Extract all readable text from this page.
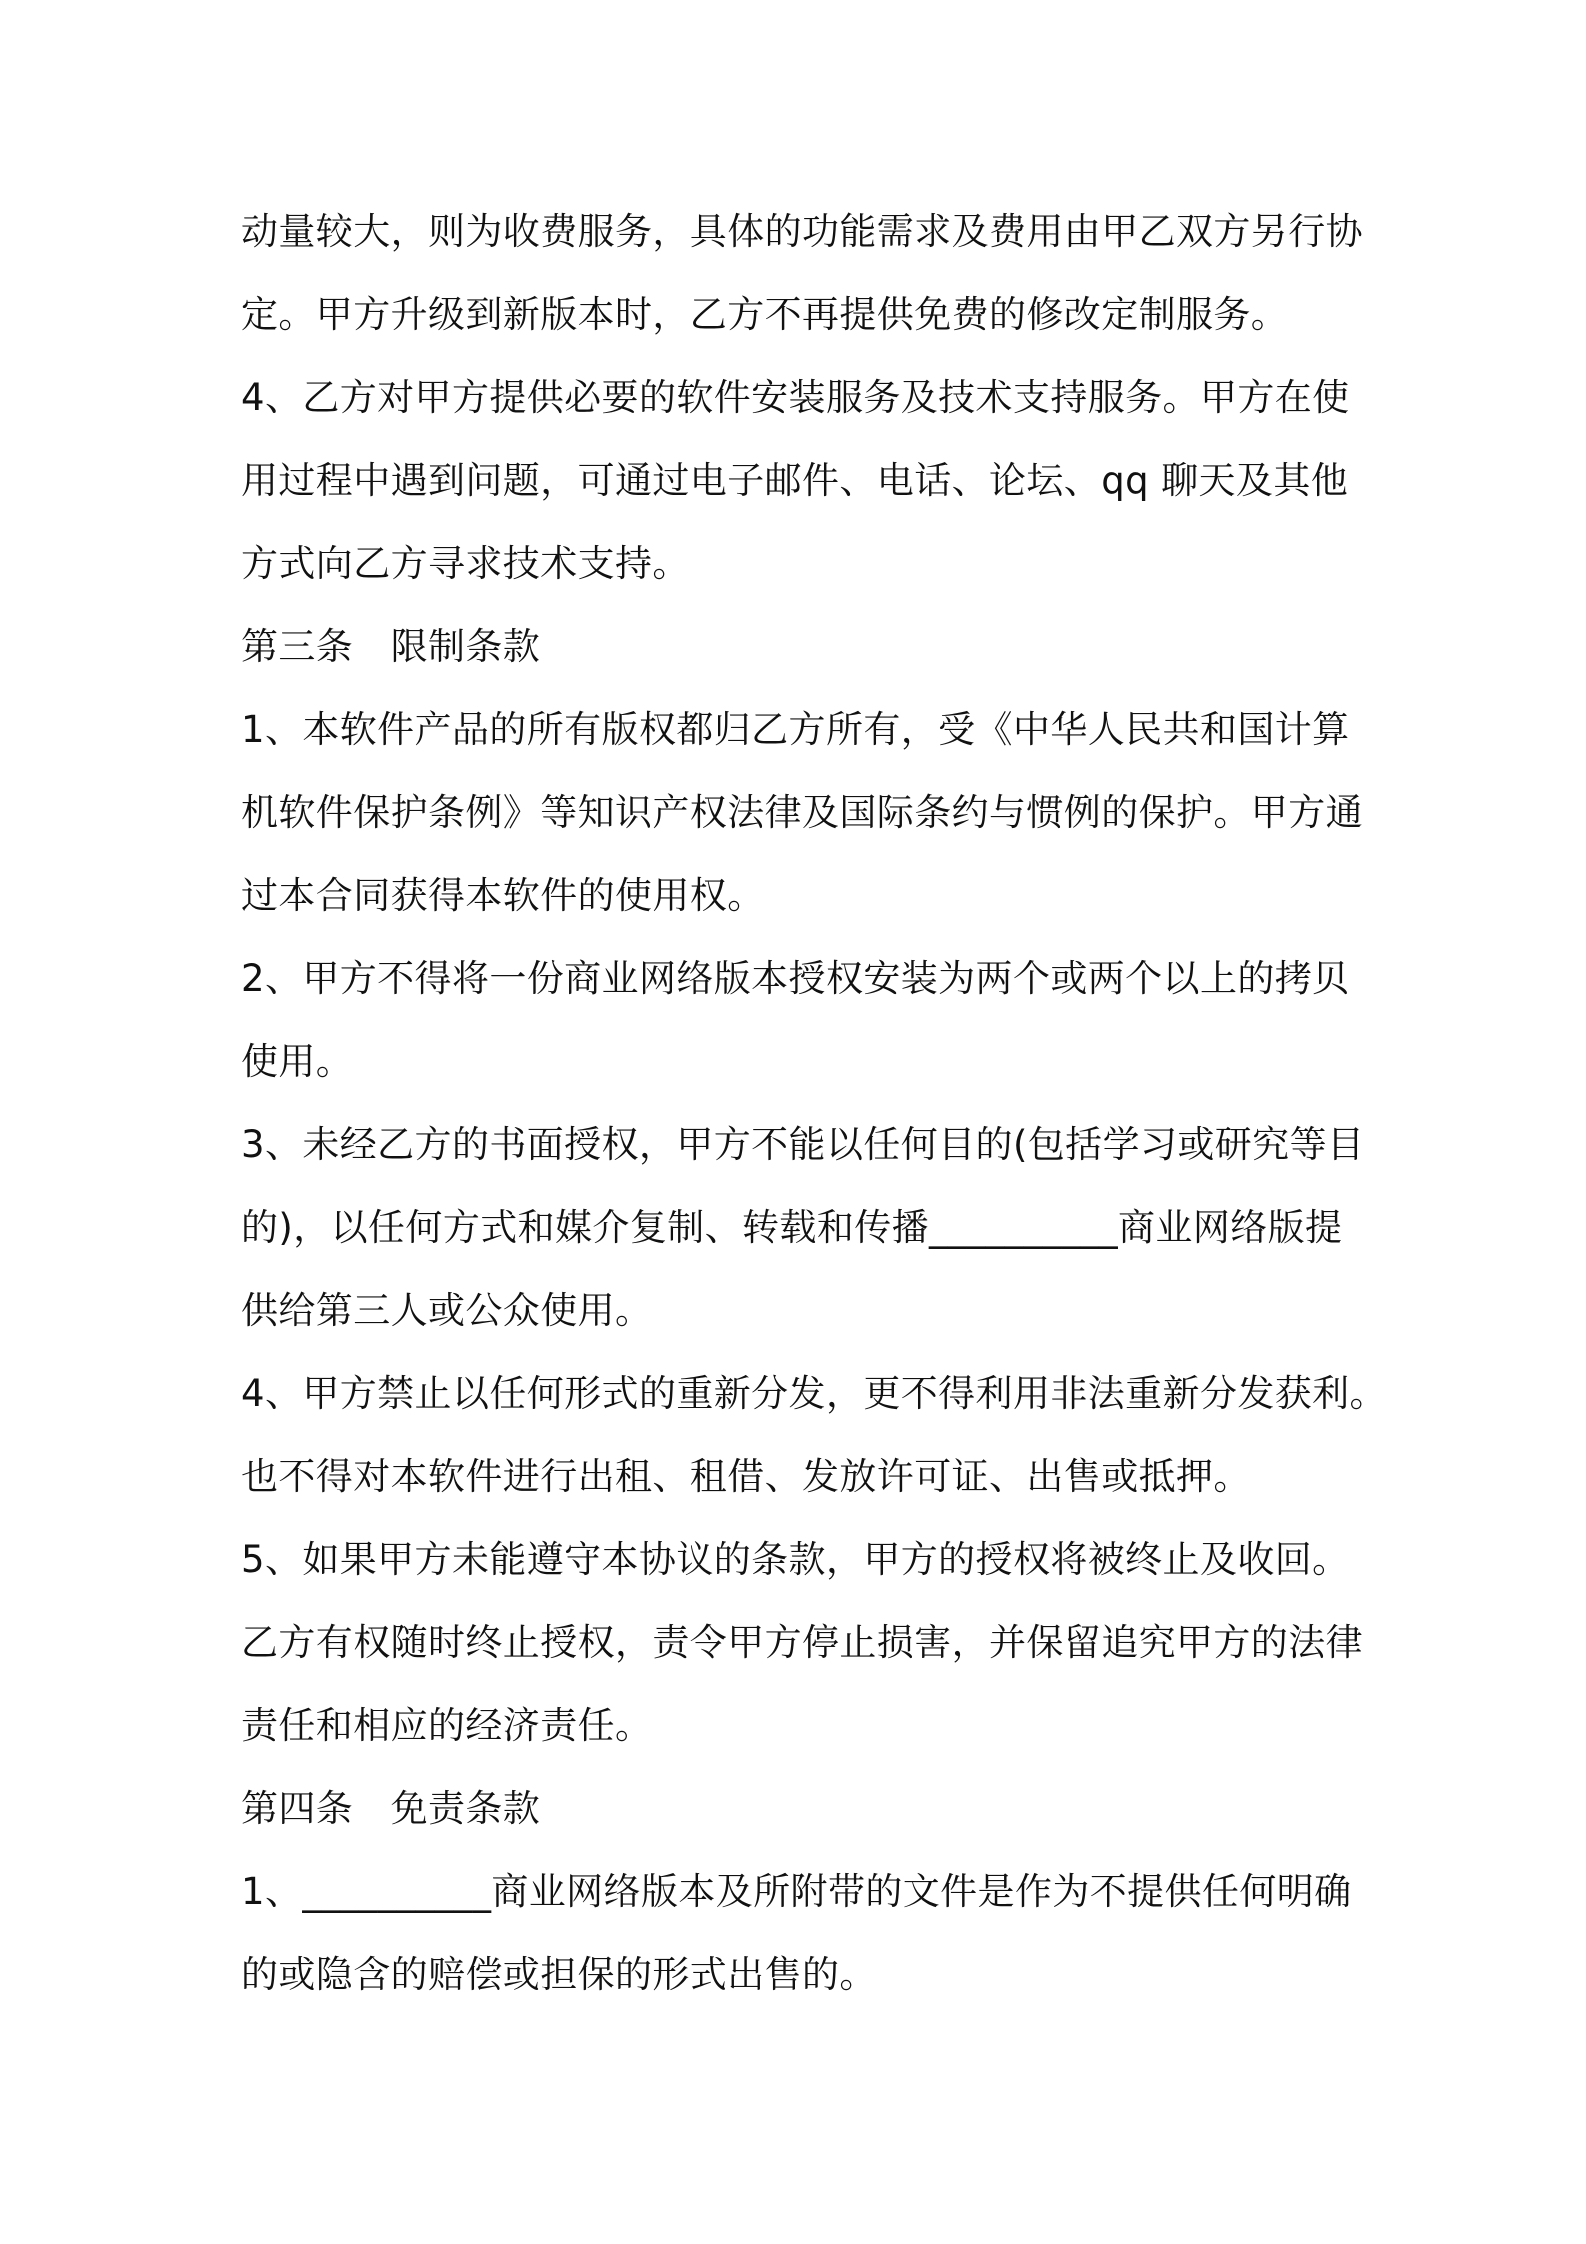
动量较大，则为收费服务，具体的功能需求及费用由甲乙双方另行协
定。甲方升级到新版本时，乙方不再提供免费的修改定制服务。
4、乙方对甲方提供必要的软件安装服务及技术支持服务。甲方在使
用过程中遇到问题，可通过电子邮件、电话、论坛、qq 聊天及其他
方式向乙方寻求技术支持。
第三条　限制条款
1、本软件产品的所有版权都归乙方所有，受《中华人民共和国计算
机软件保护条例》等知识产权法律及国际条约与惯例的保护。甲方通
过本合同获得本软件的使用权。
2、甲方不得将一份商业网络版本授权安装为两个或两个以上的拷贝
使用。
3、未经乙方的书面授权，甲方不能以任何目的(包括学习或研究等目
的)，以任何方式和媒介复制、转载和传播__________商业网络版提
供给第三人或公众使用。
4、甲方禁止以任何形式的重新分发，更不得利用非法重新分发获利。
也不得对本软件进行出租、租借、发放许可证、出售或抵押。
5、如果甲方未能遵守本协议的条款，甲方的授权将被终止及收回。
乙方有权随时终止授权，责令甲方停止损害，并保留追究甲方的法律
责任和相应的经济责任。
第四条　免责条款
1、__________商业网络版本及所附带的文件是作为不提供任何明确
的或隐含的赔偿或担保的形式出售的。
